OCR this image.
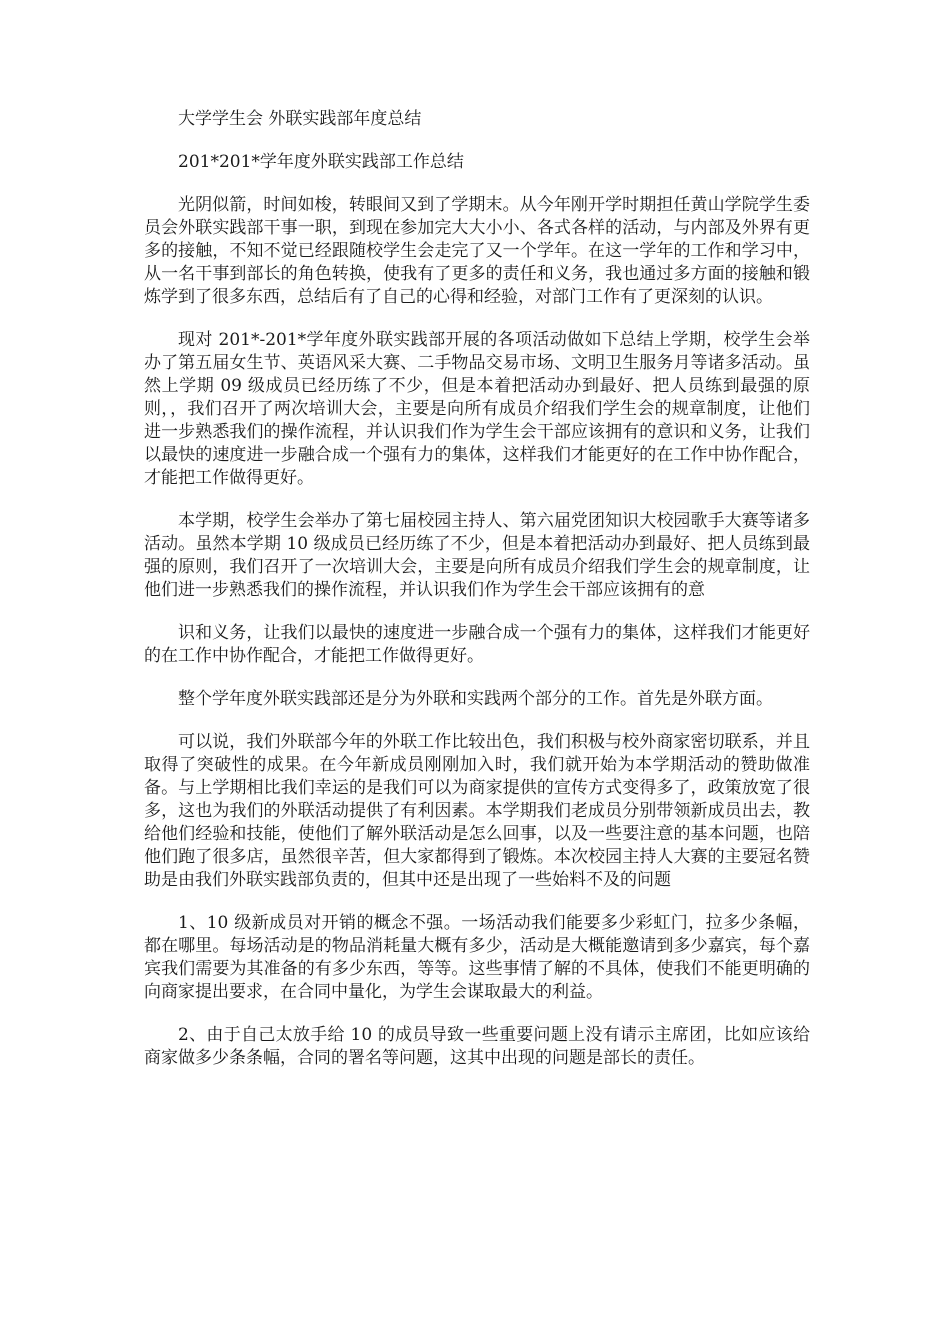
大学学生会 外联实践部年度总结

201*201*学年度外联实践部工作总结

光阴似箭，时间如梭，转眼间又到了学期末。从今年刚开学时期担任黄山学院学生委员会外联实践部干事一职，到现在参加完大大小小、各式各样的活动，与内部及外界有更多的接触，不知不觉已经跟随校学生会走完了又一个学年。在这一学年的工作和学习中，从一名干事到部长的角色转换，使我有了更多的责任和义务，我也通过多方面的接触和锻炼学到了很多东西，总结后有了自己的心得和经验，对部门工作有了更深刻的认识。

现对 201*-201*学年度外联实践部开展的各项活动做如下总结上学期，校学生会举办了第五届女生节、英语风采大赛、二手物品交易市场、文明卫生服务月等诸多活动。虽然上学期 09 级成员已经历练了不少，但是本着把活动办到最好、把人员练到最强的原则，，我们召开了两次培训大会，主要是向所有成员介绍我们学生会的规章制度，让他们进一步熟悉我们的操作流程，并认识我们作为学生会干部应该拥有的意识和义务，让我们以最快的速度进一步融合成一个强有力的集体，这样我们才能更好的在工作中协作配合，才能把工作做得更好。

本学期，校学生会举办了第七届校园主持人、第六届党团知识大校园歌手大赛等诸多活动。虽然本学期 10 级成员已经历练了不少，但是本着把活动办到最好、把人员练到最强的原则，我们召开了一次培训大会，主要是向所有成员介绍我们学生会的规章制度，让他们进一步熟悉我们的操作流程，并认识我们作为学生会干部应该拥有的意

识和义务，让我们以最快的速度进一步融合成一个强有力的集体，这样我们才能更好的在工作中协作配合，才能把工作做得更好。

整个学年度外联实践部还是分为外联和实践两个部分的工作。首先是外联方面。

可以说，我们外联部今年的外联工作比较出色，我们积极与校外商家密切联系，并且取得了突破性的成果。在今年新成员刚刚加入时，我们就开始为本学期活动的赞助做准备。与上学期相比我们幸运的是我们可以为商家提供的宣传方式变得多了，政策放宽了很多，这也为我们的外联活动提供了有利因素。本学期我们老成员分别带领新成员出去，教给他们经验和技能，使他们了解外联活动是怎么回事，以及一些要注意的基本问题，也陪他们跑了很多店，虽然很辛苦，但大家都得到了锻炼。本次校园主持人大赛的主要冠名赞助是由我们外联实践部负责的，但其中还是出现了一些始料不及的问题

1、10 级新成员对开销的概念不强。一场活动我们能要多少彩虹门，拉多少条幅，都在哪里。每场活动是的物品消耗量大概有多少，活动是大概能邀请到多少嘉宾，每个嘉宾我们需要为其准备的有多少东西，等等。这些事情了解的不具体，使我们不能更明确的向商家提出要求，在合同中量化，为学生会谋取最大的利益。

2、由于自己太放手给 10 的成员导致一些重要问题上没有请示主席团，比如应该给商家做多少条条幅，合同的署名等问题，这其中出现的问题是部长的责任。
